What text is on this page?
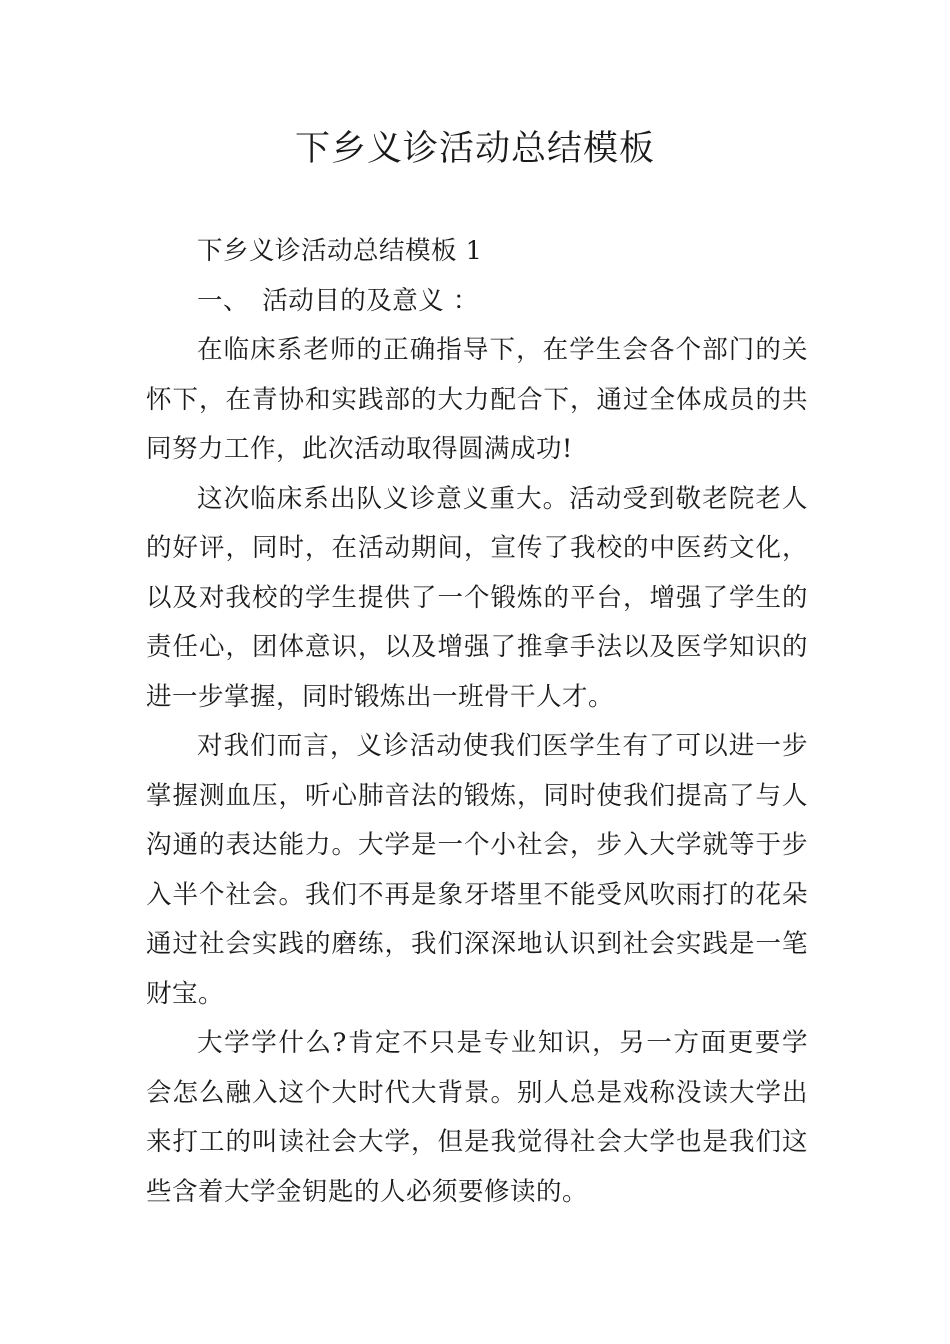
下乡义诊活动总结模板

下乡义诊活动总结模板 1

一、　活动目的及意义 ：

在临床系老师的正确指导下，在学生会各个部门的关怀下，在青协和实践部的大力配合下，通过全体成员的共同努力工作，此次活动取得圆满成功!

这次临床系出队义诊意义重大。活动受到敬老院老人的好评，同时，在活动期间，宣传了我校的中医药文化，以及对我校的学生提供了一个锻炼的平台，增强了学生的责任心，团体意识，以及增强了推拿手法以及医学知识的进一步掌握，同时锻炼出一班骨干人才。

对我们而言，义诊活动使我们医学生有了可以进一步掌握测血压，听心肺音法的锻炼，同时使我们提高了与人沟通的表达能力。大学是一个小社会，步入大学就等于步入半个社会。我们不再是象牙塔里不能受风吹雨打的花朵通过社会实践的磨练，我们深深地认识到社会实践是一笔财宝。

大学学什么?肯定不只是专业知识，另一方面更要学会怎么融入这个大时代大背景。别人总是戏称没读大学出来打工的叫读社会大学，但是我觉得社会大学也是我们这些含着大学金钥匙的人必须要修读的。
